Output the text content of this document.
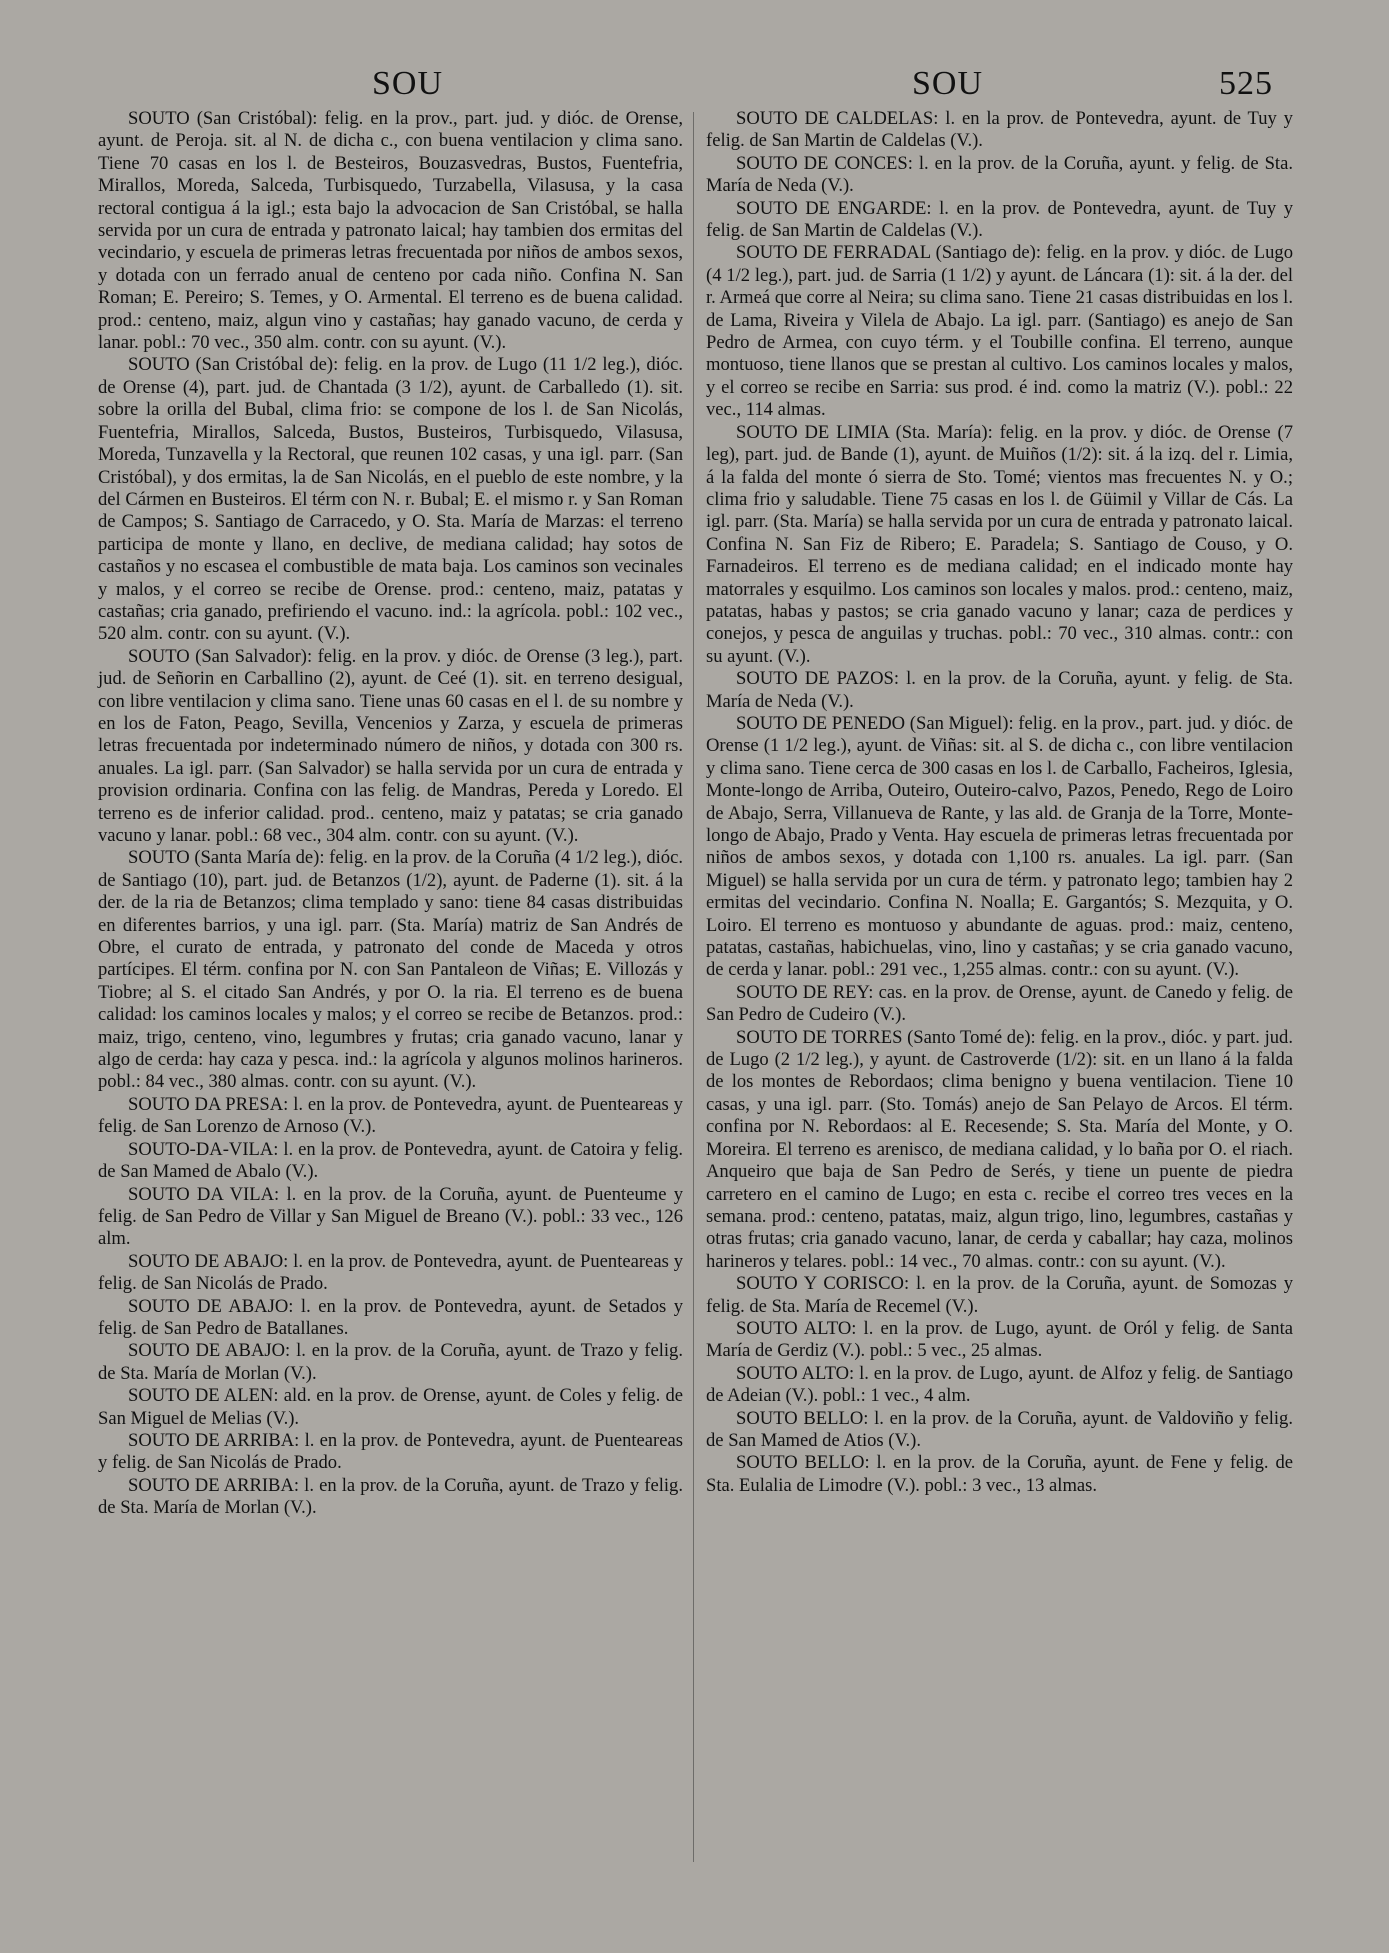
SOU	SOU	525

SOUTO (San Cristóbal): felig. en la prov., part. jud. y dióc. de Orense, ayunt. de Peroja. sit. al N. de dicha c., con buena ventilacion y clima sano. Tiene 70 casas en los l. de Besteiros, Bouzasvedras, Bustos, Fuentefria, Mirallos, Moreda, Salceda, Turbisquedo, Turzabella, Vilasusa, y la casa rectoral contigua á la igl.; esta bajo la advocacion de San Cristóbal, se halla servida por un cura de entrada y patronato laical; hay tambien dos ermitas del vecindario, y escuela de primeras letras frecuentada por niños de ambos sexos, y dotada con un ferrado anual de centeno por cada niño. Confina N. San Roman; E. Pereiro; S. Temes, y O. Armental. El terreno es de buena calidad. prod.: centeno, maiz, algun vino y castañas; hay ganado vacuno, de cerda y lanar. pobl.: 70 vec., 350 alm. contr. con su ayunt. (V.).

SOUTO (San Cristóbal de): felig. en la prov. de Lugo (11 1/2 leg.), dióc. de Orense (4), part. jud. de Chantada (3 1/2), ayunt. de Carballedo (1). sit. sobre la orilla del Bubal, clima frio: se compone de los l. de San Nicolás, Fuentefria, Mirallos, Salceda, Bustos, Busteiros, Turbisquedo, Vilasusa, Moreda, Tunzavella y la Rectoral, que reunen 102 casas, y una igl. parr. (San Cristóbal), y dos ermitas, la de San Nicolás, en el pueblo de este nombre, y la del Cármen en Busteiros. El térm con N. r. Bubal; E. el mismo r. y San Roman de Campos; S. Santiago de Carracedo, y O. Sta. María de Marzas: el terreno participa de monte y llano, en declive, de mediana calidad; hay sotos de castaños y no escasea el combustible de mata baja. Los caminos son vecinales y malos, y el correo se recibe de Orense. prod.: centeno, maiz, patatas y castañas; cria ganado, prefiriendo el vacuno. ind.: la agrícola. pobl.: 102 vec., 520 alm. contr. con su ayunt. (V.).

SOUTO (San Salvador): felig. en la prov. y dióc. de Orense (3 leg.), part. jud. de Señorin en Carballino (2), ayunt. de Ceé (1). sit. en terreno desigual, con libre ventilacion y clima sano. Tiene unas 60 casas en el l. de su nombre y en los de Faton, Peago, Sevilla, Vencenios y Zarza, y escuela de primeras letras frecuentada por indeterminado número de niños, y dotada con 300 rs. anuales. La igl. parr. (San Salvador) se halla servida por un cura de entrada y provision ordinaria. Confina con las felig. de Mandras, Pereda y Loredo. El terreno es de inferior calidad. prod.. centeno, maiz y patatas; se cria ganado vacuno y lanar. pobl.: 68 vec., 304 alm. contr. con su ayunt. (V.).

SOUTO (Santa María de): felig. en la prov. de la Coruña (4 1/2 leg.), dióc. de Santiago (10), part. jud. de Betanzos (1/2), ayunt. de Paderne (1). sit. á la der. de la ria de Betanzos; clima templado y sano: tiene 84 casas distribuidas en diferentes barrios, y una igl. parr. (Sta. María) matriz de San Andrés de Obre, el curato de entrada, y patronato del conde de Maceda y otros partícipes. El térm. confina por N. con San Pantaleon de Viñas; E. Villozás y Tiobre; al S. el citado San Andrés, y por O. la ria. El terreno es de buena calidad: los caminos locales y malos; y el correo se recibe de Betanzos. prod.: maiz, trigo, centeno, vino, legumbres y frutas; cria ganado vacuno, lanar y algo de cerda: hay caza y pesca. ind.: la agrícola y algunos molinos harineros. pobl.: 84 vec., 380 almas. contr. con su ayunt. (V.).

SOUTO DA PRESA: l. en la prov. de Pontevedra, ayunt. de Puenteareas y felig. de San Lorenzo de Arnoso (V.).

SOUTO-DA-VILA: l. en la prov. de Pontevedra, ayunt. de Catoira y felig. de San Mamed de Abalo (V.).

SOUTO DA VILA: l. en la prov. de la Coruña, ayunt. de Puenteume y felig. de San Pedro de Villar y San Miguel de Breano (V.). pobl.: 33 vec., 126 alm.

SOUTO DE ABAJO: l. en la prov. de Pontevedra, ayunt. de Puenteareas y felig. de San Nicolás de Prado.

SOUTO DE ABAJO: l. en la prov. de Pontevedra, ayunt. de Setados y felig. de San Pedro de Batallanes.

SOUTO DE ABAJO: l. en la prov. de la Coruña, ayunt. de Trazo y felig. de Sta. María de Morlan (V.).

SOUTO DE ALEN: ald. en la prov. de Orense, ayunt. de Coles y felig. de San Miguel de Melias (V.).

SOUTO DE ARRIBA: l. en la prov. de Pontevedra, ayunt. de Puenteareas y felig. de San Nicolás de Prado.

SOUTO DE ARRIBA: l. en la prov. de la Coruña, ayunt. de Trazo y felig. de Sta. María de Morlan (V.).

SOUTO DE CALDELAS: l. en la prov. de Pontevedra, ayunt. de Tuy y felig. de San Martin de Caldelas (V.).

SOUTO DE CONCES: l. en la prov. de la Coruña, ayunt. y felig. de Sta. María de Neda (V.).

SOUTO DE ENGARDE: l. en la prov. de Pontevedra, ayunt. de Tuy y felig. de San Martin de Caldelas (V.).

SOUTO DE FERRADAL (Santiago de): felig. en la prov. y dióc. de Lugo (4 1/2 leg.), part. jud. de Sarria (1 1/2) y ayunt. de Láncara (1): sit. á la der. del r. Armeá que corre al Neira; su clima sano. Tiene 21 casas distribuidas en los l. de Lama, Riveira y Vilela de Abajo. La igl. parr. (Santiago) es anejo de San Pedro de Armea, con cuyo térm. y el Toubille confina. El terreno, aunque montuoso, tiene llanos que se prestan al cultivo. Los caminos locales y malos, y el correo se recibe en Sarria: sus prod. é ind. como la matriz (V.). pobl.: 22 vec., 114 almas.

SOUTO DE LIMIA (Sta. María): felig. en la prov. y dióc. de Orense (7 leg), part. jud. de Bande (1), ayunt. de Muiños (1/2): sit. á la izq. del r. Limia, á la falda del monte ó sierra de Sto. Tomé; vientos mas frecuentes N. y O.; clima frio y saludable. Tiene 75 casas en los l. de Güimil y Villar de Cás. La igl. parr. (Sta. María) se halla servida por un cura de entrada y patronato laical. Confina N. San Fiz de Ribero; E. Paradela; S. Santiago de Couso, y O. Farnadeiros. El terreno es de mediana calidad; en el indicado monte hay matorrales y esquilmo. Los caminos son locales y malos. prod.: centeno, maiz, patatas, habas y pastos; se cria ganado vacuno y lanar; caza de perdices y conejos, y pesca de anguilas y truchas. pobl.: 70 vec., 310 almas. contr.: con su ayunt. (V.).

SOUTO DE PAZOS: l. en la prov. de la Coruña, ayunt. y felig. de Sta. María de Neda (V.).

SOUTO DE PENEDO (San Miguel): felig. en la prov., part. jud. y dióc. de Orense (1 1/2 leg.), ayunt. de Viñas: sit. al S. de dicha c., con libre ventilacion y clima sano. Tiene cerca de 300 casas en los l. de Carballo, Facheiros, Iglesia, Monte-longo de Arriba, Outeiro, Outeiro-calvo, Pazos, Penedo, Rego de Loiro de Abajo, Serra, Villanueva de Rante, y las ald. de Granja de la Torre, Monte-longo de Abajo, Prado y Venta. Hay escuela de primeras letras frecuentada por niños de ambos sexos, y dotada con 1,100 rs. anuales. La igl. parr. (San Miguel) se halla servida por un cura de térm. y patronato lego; tambien hay 2 ermitas del vecindario. Confina N. Noalla; E. Gargantós; S. Mezquita, y O. Loiro. El terreno es montuoso y abundante de aguas. prod.: maiz, centeno, patatas, castañas, habichuelas, vino, lino y castañas; y se cria ganado vacuno, de cerda y lanar. pobl.: 291 vec., 1,255 almas. contr.: con su ayunt. (V.).

SOUTO DE REY: cas. en la prov. de Orense, ayunt. de Canedo y felig. de San Pedro de Cudeiro (V.).

SOUTO DE TORRES (Santo Tomé de): felig. en la prov., dióc. y part. jud. de Lugo (2 1/2 leg.), y ayunt. de Castroverde (1/2): sit. en un llano á la falda de los montes de Rebordaos; clima benigno y buena ventilacion. Tiene 10 casas, y una igl. parr. (Sto. Tomás) anejo de San Pelayo de Arcos. El térm. confina por N. Rebordaos: al E. Recesende; S. Sta. María del Monte, y O. Moreira. El terreno es arenisco, de mediana calidad, y lo baña por O. el riach. Anqueiro que baja de San Pedro de Serés, y tiene un puente de piedra carretero en el camino de Lugo; en esta c. recibe el correo tres veces en la semana. prod.: centeno, patatas, maiz, algun trigo, lino, legumbres, castañas y otras frutas; cria ganado vacuno, lanar, de cerda y caballar; hay caza, molinos harineros y telares. pobl.: 14 vec., 70 almas. contr.: con su ayunt. (V.).

SOUTO Y CORISCO: l. en la prov. de la Coruña, ayunt. de Somozas y felig. de Sta. María de Recemel (V.).

SOUTO ALTO: l. en la prov. de Lugo, ayunt. de Oról y felig. de Santa María de Gerdiz (V.). pobl.: 5 vec., 25 almas.

SOUTO ALTO: l. en la prov. de Lugo, ayunt. de Alfoz y felig. de Santiago de Adeian (V.). pobl.: 1 vec., 4 alm.

SOUTO BELLO: l. en la prov. de la Coruña, ayunt. de Valdoviño y felig. de San Mamed de Atios (V.).

SOUTO BELLO: l. en la prov. de la Coruña, ayunt. de Fene y felig. de Sta. Eulalia de Limodre (V.). pobl.: 3 vec., 13 almas.
